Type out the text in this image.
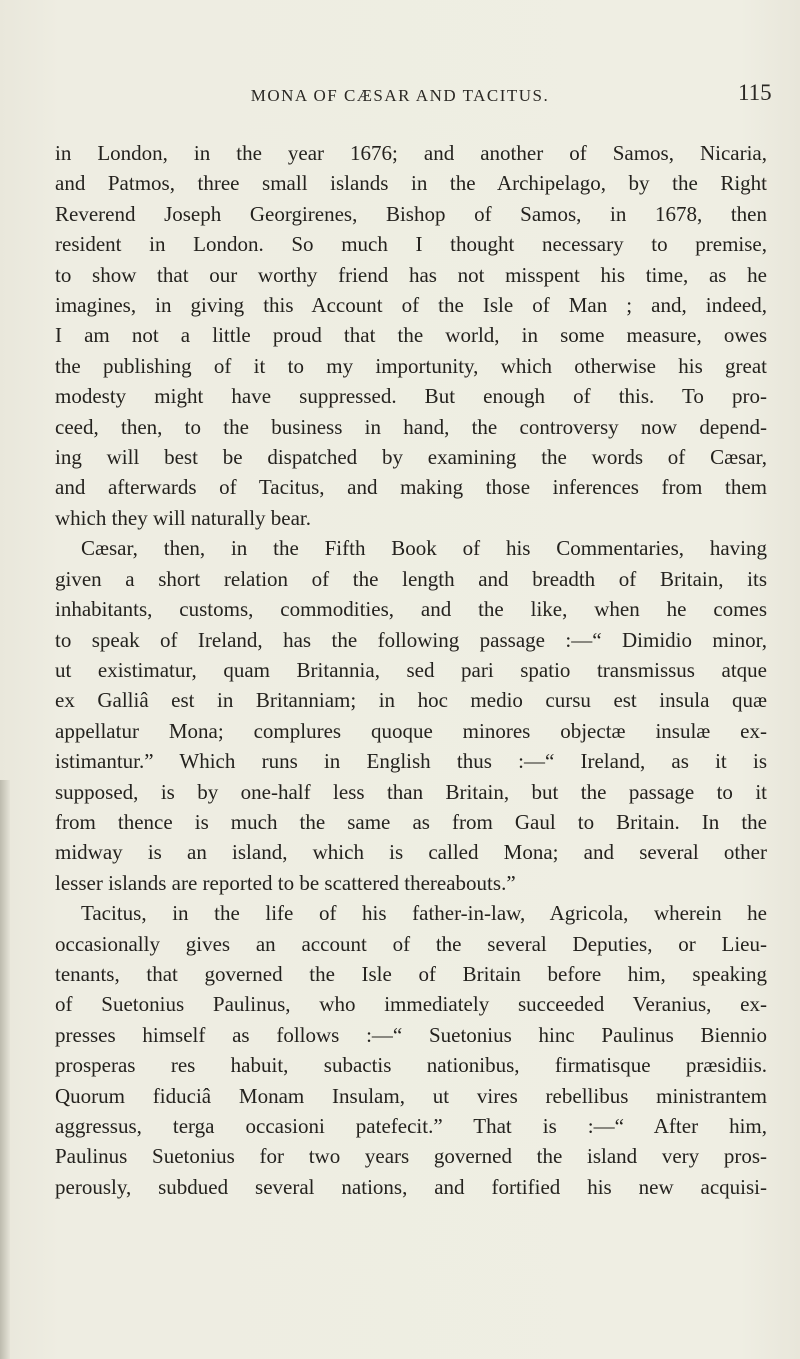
MONA OF CÆSAR AND TACITUS.	115
in London, in the year 1676; and another of Samos, Nicaria,
and Patmos, three small islands in the Archipelago, by the Right
Reverend Joseph Georgirenes, Bishop of Samos, in 1678, then
resident in London. So much I thought necessary to premise,
to show that our worthy friend has not misspent his time, as he
imagines, in giving this Account of the Isle of Man ; and, indeed,
I am not a little proud that the world, in some measure, owes
the publishing of it to my importunity, which otherwise his great
modesty might have suppressed. But enough of this. To pro-
ceed, then, to the business in hand, the controversy now depend-
ing will best be dispatched by examining the words of Cæsar,
and afterwards of Tacitus, and making those inferences from them
which they will naturally bear.
Cæsar, then, in the Fifth Book of his Commentaries, having
given a short relation of the length and breadth of Britain, its
inhabitants, customs, commodities, and the like, when he comes
to speak of Ireland, has the following passage :—“ Dimidio minor,
ut existimatur, quam Britannia, sed pari spatio transmissus atque
ex Galliâ est in Britanniam; in hoc medio cursu est insula quæ
appellatur Mona; complures quoque minores objectæ insulæ ex-
istimantur.” Which runs in English thus :—“ Ireland, as it is
supposed, is by one-half less than Britain, but the passage to it
from thence is much the same as from Gaul to Britain. In the
midway is an island, which is called Mona; and several other
lesser islands are reported to be scattered thereabouts.”
Tacitus, in the life of his father-in-law, Agricola, wherein he
occasionally gives an account of the several Deputies, or Lieu-
tenants, that governed the Isle of Britain before him, speaking
of Suetonius Paulinus, who immediately succeeded Veranius, ex-
presses himself as follows :—“ Suetonius hinc Paulinus Biennio
prosperas res habuit, subactis nationibus, firmatisque præsidiis.
Quorum fiduciâ Monam Insulam, ut vires rebellibus ministrantem
aggressus, terga occasioni patefecit.” That is :—“ After him,
Paulinus Suetonius for two years governed the island very pros-
perously, subdued several nations, and fortified his new acquisi-
